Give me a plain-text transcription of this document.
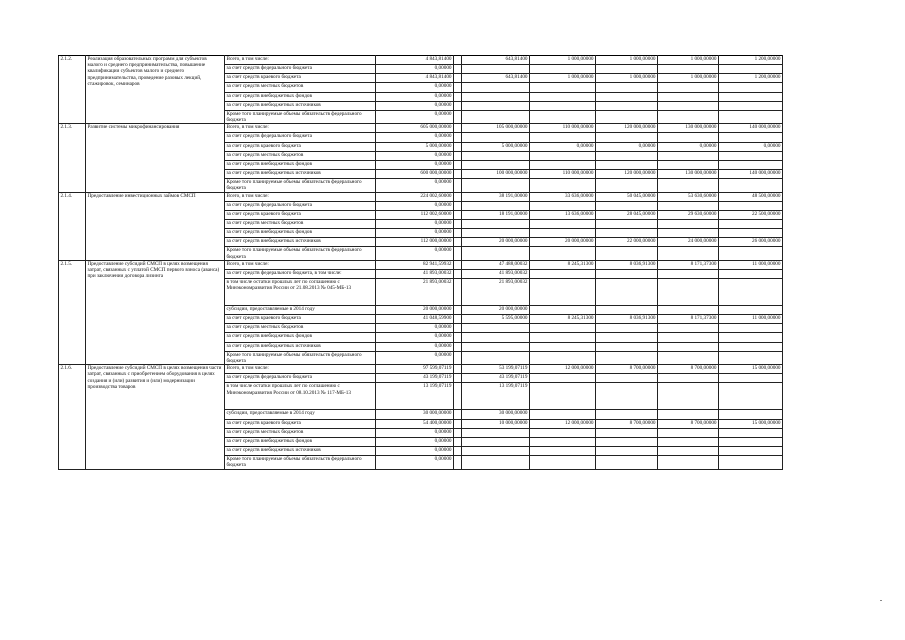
2.1.2.	Реализация образовательных программ для субъектов малого и среднего предпринимательства, повышение квалификации субъектов малого и среднего предпринимательства, проведение разовых лекций, стажировок, семинаров	Всего, в том числе:	4 843,81400		643,81400	1 000,00000	1 000,00000	1 000,00000	1 200,00000
		за счет средств федерального бюджета	0,00000						
		за счет средств краевого бюджета	4 843,81400		643,81400	1 000,00000	1 000,00000	1 000,00000	1 200,00000
		за счет средств местных бюджетов	0,00000						
		за счет средств внебюджетных фондов	0,00000						
		за счет средств внебюджетных источников	0,00000						
		Кроме того планируемые объемы обязательств федерального бюджета	0,00000						
2.1.3.	Развитие системы микрофинансирования	Всего, в том числе:	605 000,00000		105 000,00000	110 000,00000	120 000,00000	130 000,00000	140 000,00000
		за счет средств федерального бюджета	0,00000						
		за счет средств краевого бюджета	5 000,00000		5 000,00000	0,00000	0,00000	0,00000	0,00000
		за счет средств местных бюджетов	0,00000						
		за счет средств внебюджетных фондов	0,00000						
		за счет средств внебюджетных источников	600 000,00000		100 000,00000	110 000,00000	120 000,00000	130 000,00000	140 000,00000
		Кроме того планируемые объемы обязательств федерального бюджета	0,00000						
2.1.4.	Предоставление инвестиционных займов СМСП	Всего, в том числе:	224 002,60000		38 191,00000	33 636,00000	50 045,00000	53 630,60000	48 500,00000
		за счет средств федерального бюджета	0,00000						
		за счет средств краевого бюджета	112 002,60000		18 191,00000	13 636,00000	28 045,00000	29 630,60000	22 500,00000
		за счет средств местных бюджетов	0,00000						
		за счет средств внебюджетных фондов	0,00000						
		за счет средств внебюджетных источников	112 000,00000		20 000,00000	20 000,00000	22 000,00000	24 000,00000	26 000,00000
		Кроме того планируемые объемы обязательств федерального бюджета	0,00000						
2.1.5.	Предоставление субсидий СМСП в целях возмещения затрат, связанных с уплатой СМСП первого взноса (аванса) при заключении договора лизинга	Всего, в том числе:	82 941,59932		47 488,00032	8 245,31300	8 036,91300	8 171,37300	11 000,00000
		за счет средств федерального бюджета, в том числе:	41 893,00032		41 893,00032				
		в том числе остатки прошлых лет по соглашению с Минэкономразвития России от 21.08.2013 № 045-МБ-13	21 893,00032		21 893,00032				
		субсидии, предоставляемые в 2014 году	20 000,00000		20 000,00000				
		за счет средств краевого бюджета	41 048,59900		5 595,00000	8 245,31300	8 036,91300	8 171,37300	11 000,00000
		за счет средств местных бюджетов	0,00000						
		за счет средств внебюджетных фондов	0,00000						
		за счет средств внебюджетных источников	0,00000						
		Кроме того планируемые объемы обязательств федерального бюджета	0,00000						
2.1.6.	Предоставление субсидий СМСП в целях возмещения части затрат, связанных с приобретением оборудования в целях создания и (или) развития и (или) модернизации производства товаров	Всего, в том числе:	97 599,07119		53 199,07119	12 000,00000	8 700,00000	8 700,00000	15 000,00000
		за счет средств федерального бюджета	43 199,07119		43 199,07119				
		в том числе остатки прошлых лет по соглашению с Минэкономразвития России от 08.10.2013 № 117-МБ-13	13 199,07119		13 199,07119				
		субсидии, предоставляемые в 2014 году	30 000,00000		30 000,00000				
		за счет средств краевого бюджета	54 400,00000		10 000,00000	12 000,00000	8 700,00000	8 700,00000	15 000,00000
		за счет средств местных бюджетов	0,00000						
		за счет средств внебюджетных фондов	0,00000						
		за счет средств внебюджетных источников	0,00000						
		Кроме того планируемые объемы обязательств федерального бюджета	0,00000						
